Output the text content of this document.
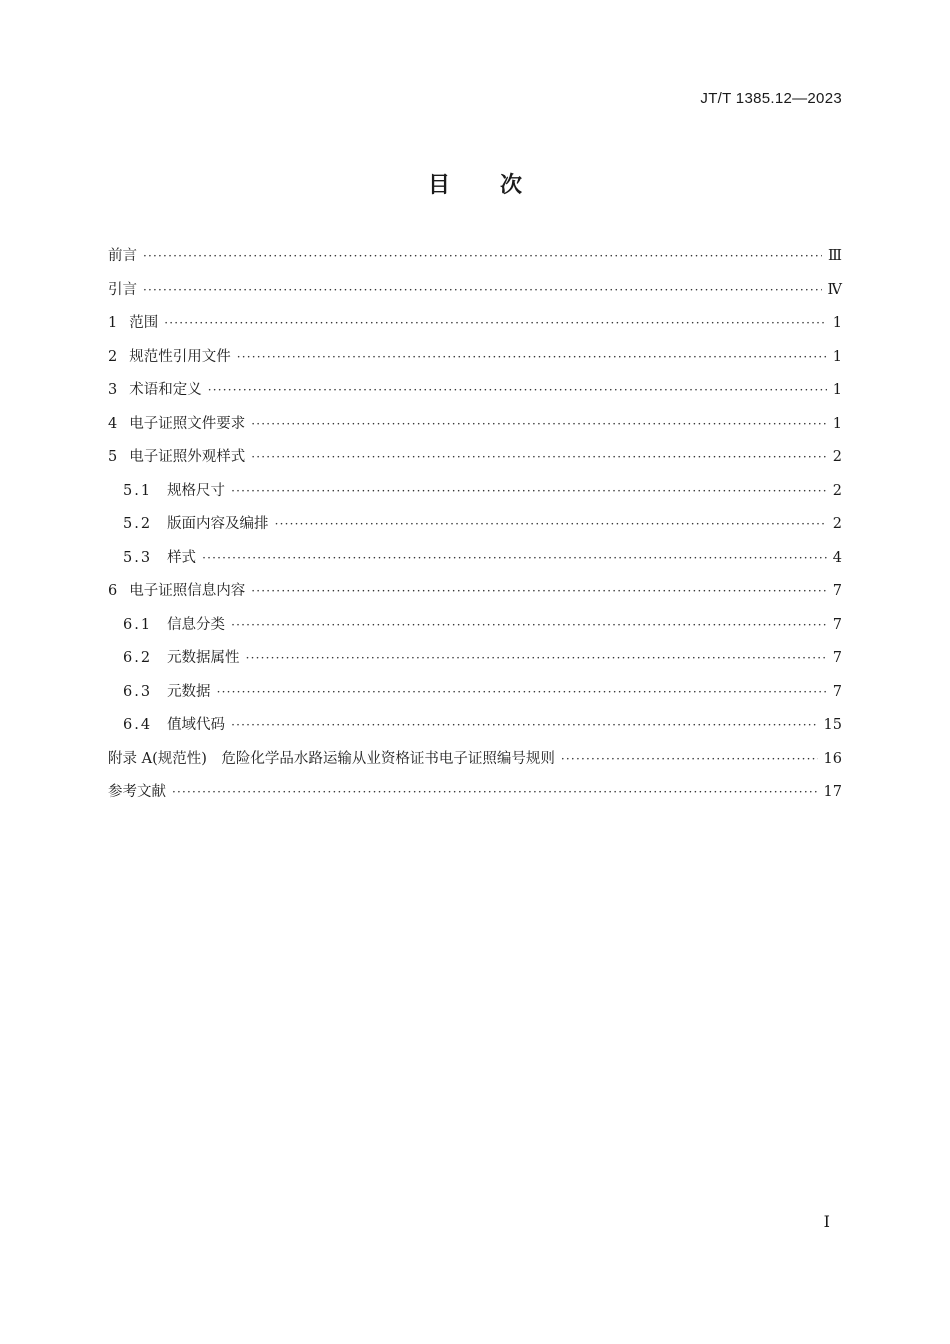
JT/T 1385.12—2023
目 次
前言 ·····	Ⅲ
引言 ·····	Ⅳ
1 范围 ·····	1
2 规范性引用文件 ·····	1
3 术语和定义 ·····	1
4 电子证照文件要求 ·····	1
5 电子证照外观样式 ·····	2
5.1 规格尺寸 ·····	2
5.2 版面内容及编排 ·····	2
5.3 样式 ·····	4
6 电子证照信息内容 ·····	7
6.1 信息分类 ·····	7
6.2 元数据属性 ·····	7
6.3 元数据 ·····	7
6.4 值域代码 ·····	15
附录 A(规范性)　危险化学品水路运输从业资格证书电子证照编号规则 ·····	16
参考文献 ·····	17
Ⅰ
